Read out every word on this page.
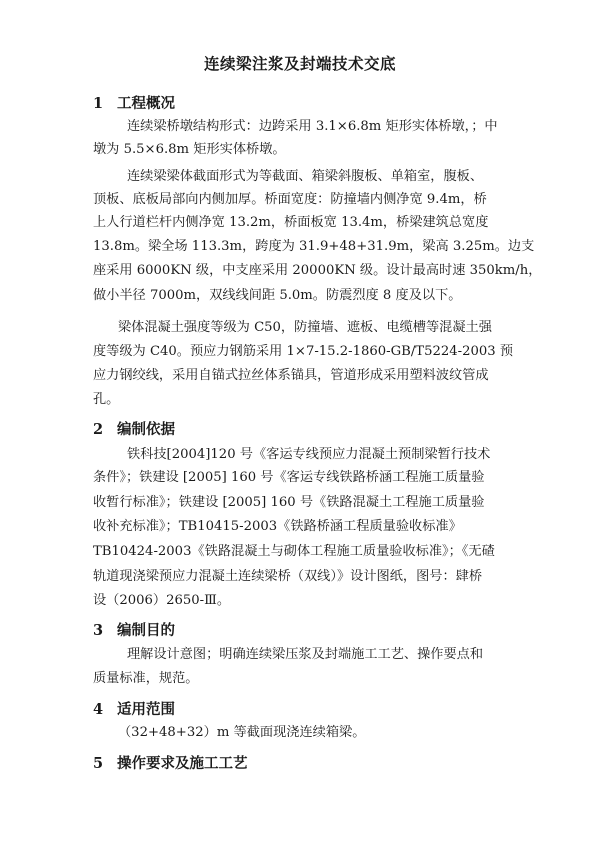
连续梁注浆及封端技术交底
1 工程概况
连续梁桥墩结构形式：边跨采用 3.1×6.8m 矩形实体桥墩，；中
墩为 5.5×6.8m 矩形实体桥墩。
连续梁梁体截面形式为等截面、箱梁斜腹板、单箱室，腹板、
顶板、底板局部向内侧加厚。桥面宽度：防撞墙内侧净宽 9.4m，桥
上人行道栏杆内侧净宽 13.2m，桥面板宽 13.4m，桥梁建筑总宽度
13.8m。梁全场 113.3m，跨度为 31.9+48+31.9m，梁高 3.25m。边支
座采用 6000KN 级，中支座采用 20000KN 级。设计最高时速 350km/h，
做小半径 7000m，双线线间距 5.0m。防震烈度 8 度及以下。
梁体混凝土强度等级为 C50，防撞墙、遮板、电缆槽等混凝土强
度等级为 C40。预应力钢筋采用 1×7-15.2-1860-GB/T5224-2003 预
应力钢绞线，采用自锚式拉丝体系锚具，管道形成采用塑料波纹管成
孔。
2 编制依据
铁科技[2004]120 号《客运专线预应力混凝土预制梁暂行技术
条件》；铁建设 [2005] 160 号《客运专线铁路桥涵工程施工质量验
收暂行标准》；铁建设 [2005] 160 号《铁路混凝土工程施工质量验
收补充标准》；TB10415-2003《铁路桥涵工程质量验收标准》
TB10424-2003《铁路混凝土与砌体工程施工质量验收标准》；《无碴
轨道现浇梁预应力混凝土连续梁桥（双线）》设计图纸，图号：肆桥
设（2006）2650-Ⅲ。
3 编制目的
理解设计意图；明确连续梁压浆及封端施工工艺、操作要点和
质量标准，规范。
4 适用范围
（32+48+32）m 等截面现浇连续箱梁。
5 操作要求及施工工艺
